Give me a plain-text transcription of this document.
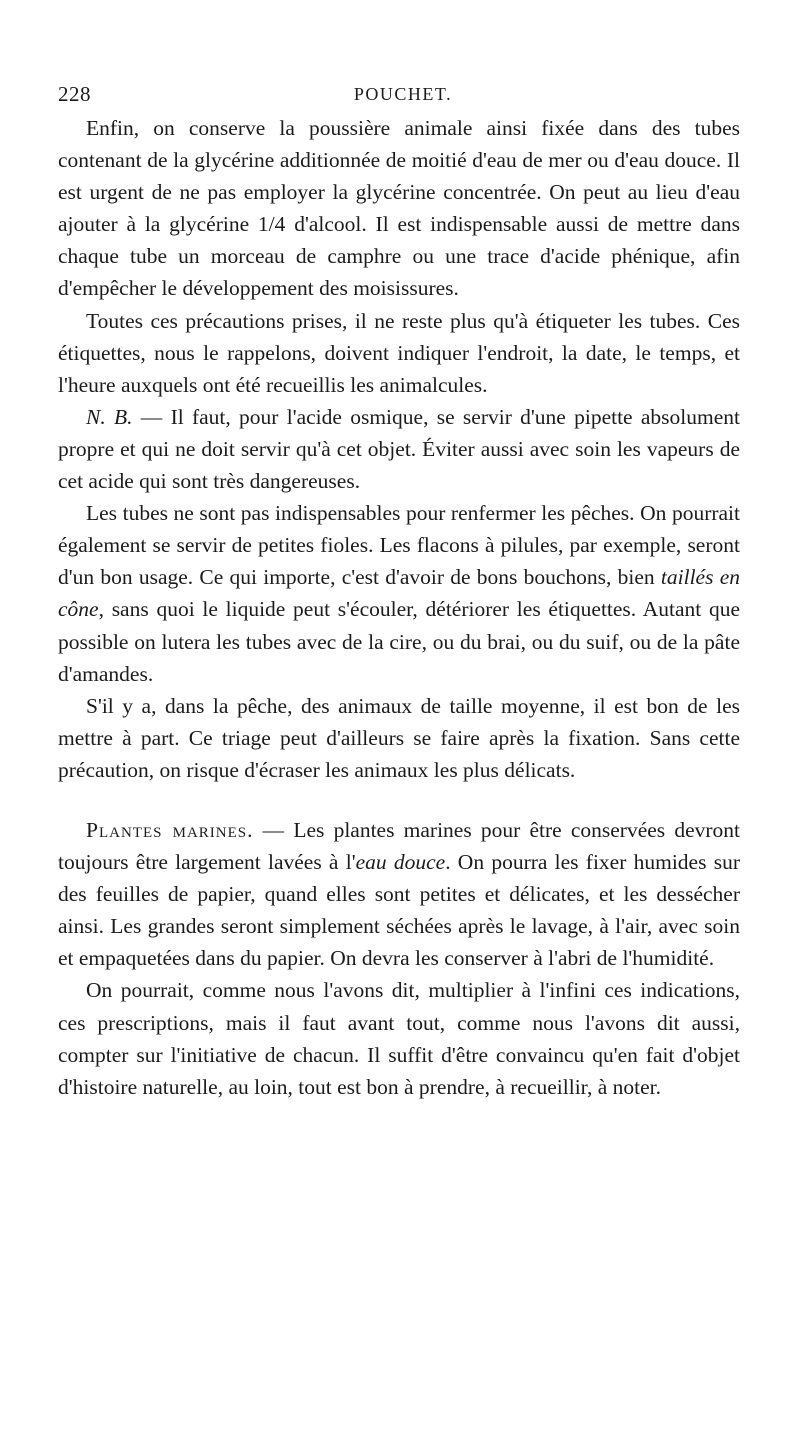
228	POUCHET.

Enfin, on conserve la poussière animale ainsi fixée dans des tubes contenant de la glycérine additionnée de moitié d'eau de mer ou d'eau douce. Il est urgent de ne pas employer la glycérine concentrée. On peut au lieu d'eau ajouter à la glycérine 1/4 d'alcool. Il est indispensable aussi de mettre dans chaque tube un morceau de camphre ou une trace d'acide phénique, afin d'empêcher le développement des moisissures.

Toutes ces précautions prises, il ne reste plus qu'à étiqueter les tubes. Ces étiquettes, nous le rappelons, doivent indiquer l'endroit, la date, le temps, et l'heure auxquels ont été recueillis les animalcules.

N. B. — Il faut, pour l'acide osmique, se servir d'une pipette absolument propre et qui ne doit servir qu'à cet objet. Éviter aussi avec soin les vapeurs de cet acide qui sont très dangereuses.

Les tubes ne sont pas indispensables pour renfermer les pêches. On pourrait également se servir de petites fioles. Les flacons à pilules, par exemple, seront d'un bon usage. Ce qui importe, c'est d'avoir de bons bouchons, bien taillés en cône, sans quoi le liquide peut s'écouler, détériorer les étiquettes. Autant que possible on lutera les tubes avec de la cire, ou du brai, ou du suif, ou de la pâte d'amandes.

S'il y a, dans la pêche, des animaux de taille moyenne, il est bon de les mettre à part. Ce triage peut d'ailleurs se faire après la fixation. Sans cette précaution, on risque d'écraser les animaux les plus délicats.

Plantes marines. — Les plantes marines pour être conservées devront toujours être largement lavées à l'eau douce. On pourra les fixer humides sur des feuilles de papier, quand elles sont petites et délicates, et les dessécher ainsi. Les grandes seront simplement séchées après le lavage, à l'air, avec soin et empaquetées dans du papier. On devra les conserver à l'abri de l'humidité.

On pourrait, comme nous l'avons dit, multiplier à l'infini ces indications, ces prescriptions, mais il faut avant tout, comme nous l'avons dit aussi, compter sur l'initiative de chacun. Il suffit d'être convaincu qu'en fait d'objet d'histoire naturelle, au loin, tout est bon à prendre, à recueillir, à noter.
